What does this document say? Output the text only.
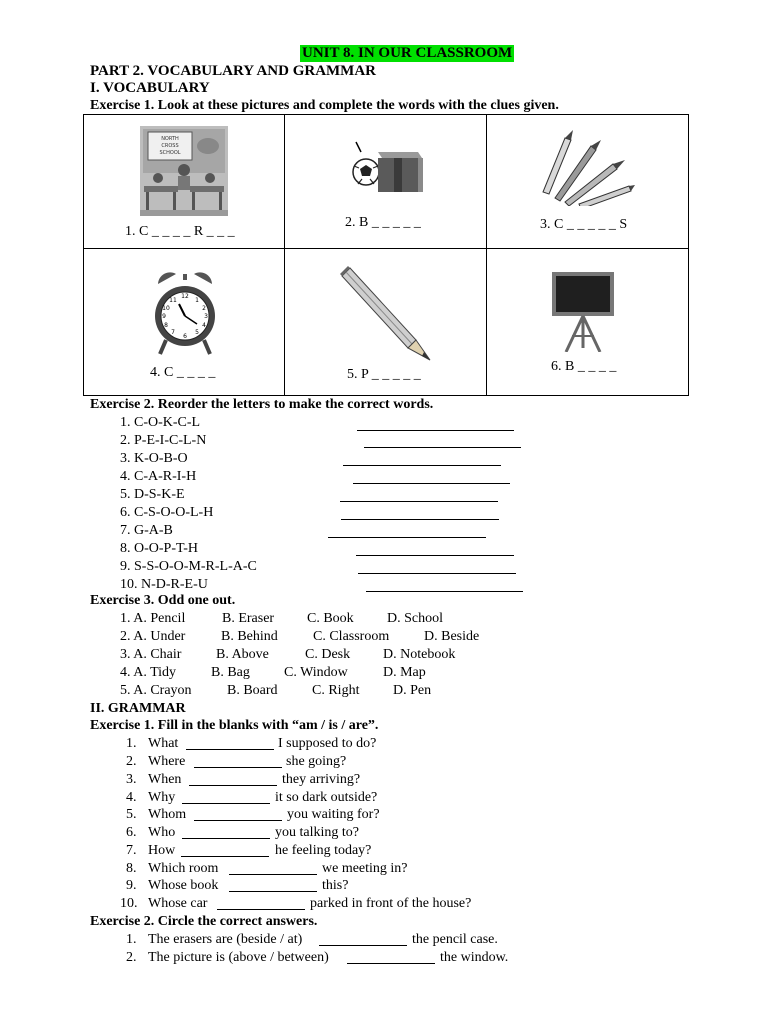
UNIT 8. IN OUR CLASSROOM
PART 2. VOCABULARY AND GRAMMAR
I. VOCABULARY
Exercise 1. Look at these pictures and complete the words with the clues given.
NORTH
CROSS
SCHOOL
1. C _ _ _ _ R _ _ _
2. B _ _ _ _ _	3. C _ _ _ _ _ S
12
1
2
3
4
5
6
7
8
9
10
11
4. C _ _ _ _	5. P _ _ _ _ _
6. B _ _ _ _
Exercise 2. Reorder the letters to make the correct words.
1. C-O-K-C-L
2. P-E-I-C-L-N
3. K-O-B-O
4. C-A-R-I-H
5. D-S-K-E
6. C-S-O-O-L-H
7. G-A-B
8. O-O-P-T-H
9. S-S-O-O-M-R-L-A-C
10. N-D-R-E-U
Exercise 3. Odd one out.
1. A. Pencil	B. Eraser C. Book D. School
2. A. Under	B. Behind	C. Classroom D. Beside
3. A. Chair B. Above	C. Desk D. Notebook
4. A. Tidy B. Bag C. Window	D. Map
5. A. Crayon	B. Board C. Right D. Pen
II. GRAMMAR
Exercise 1. Fill in the blanks with “am / is / are”.
1. What	I supposed to do?
2. Where	she going?
3. When	they arriving?
4. Why	it so dark outside?
5. Whom	you waiting for?
6. Who	you talking to?
7. How	he feeling today?
8. Which room	we meeting in?
9. Whose book	this?
10. Whose car	parked in front of the house?
Exercise 2. Circle the correct answers.
1. The erasers are (beside / at)	the pencil case.
2. The picture is (above / between)	the window.
